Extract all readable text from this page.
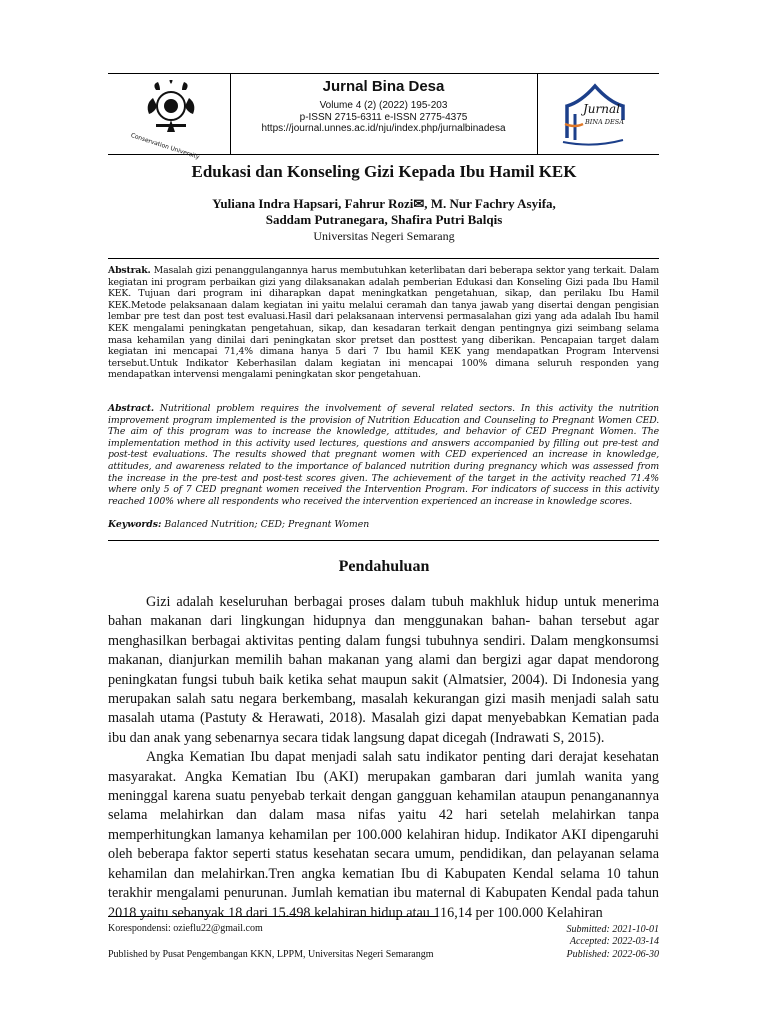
Conservation University
Jurnal Bina Desa
Volume 4 (2) (2022) 195-203
p-ISSN 2715-6311 e-ISSN 2775-4375
https://journal.unnes.ac.id/nju/index.php/jurnalbinadesa
Jurnal
BINA DESA
Edukasi dan Konseling Gizi Kepada Ibu Hamil KEK
Yuliana Indra Hapsari, Fahrur Rozi✉, M. Nur Fachry Asyifa,
Saddam Putranegara, Shafira Putri Balqis
Universitas Negeri Semarang
Abstrak. Masalah gizi penanggulangannya harus membutuhkan keterlibatan dari beberapa sektor yang terkait. Dalam kegiatan ini program perbaikan gizi yang dilaksanakan adalah pemberian Edukasi dan Konseling Gizi pada Ibu Hamil KEK. Tujuan dari program ini diharapkan dapat meningkatkan pengetahuan, sikap, dan perilaku Ibu Hamil KEK.Metode pelaksanaan dalam kegiatan ini yaitu melalui ceramah dan tanya jawab yang disertai dengan pengisian lembar pre test dan post test evaluasi.Hasil dari pelaksanaan intervensi permasalahan gizi yang ada adalah Ibu hamil KEK mengalami peningkatan pengetahuan, sikap, dan kesadaran terkait dengan pentingnya gizi seimbang selama masa kehamilan yang dinilai dari peningkatan skor pretset dan posttest yang diberikan. Pencapaian target dalam kegiatan ini mencapai 71,4% dimana hanya 5 dari 7 Ibu hamil KEK yang mendapatkan Program Intervensi tersebut.Untuk Indikator Keberhasilan dalam kegiatan ini mencapai 100% dimana seluruh responden yang mendapatkan intervensi mengalami peningkatan skor pengetahuan.
Abstract. Nutritional problem requires the involvement of several related sectors. In this activity the nutrition improvement program implemented is the provision of Nutrition Education and Counseling to Pregnant Women CED. The aim of this program was to increase the knowledge, attitudes, and behavior of CED Pregnant Women. The implementation method in this activity used lectures, questions and answers accompanied by filling out pre-test and post-test evaluations. The results showed that pregnant women with CED experienced an increase in knowledge, attitudes, and awareness related to the importance of balanced nutrition during pregnancy which was assessed from the increase in the pre-test and post-test scores given. The achievement of the target in the activity reached 71.4% where only 5 of 7 CED pregnant women received the Intervention Program. For indicators of success in this activity reached 100% where all respondents who received the intervention experienced an increase in knowledge scores.
Keywords: Balanced Nutrition; CED; Pregnant Women
Pendahuluan

Gizi adalah keseluruhan berbagai proses dalam tubuh makhluk hidup untuk menerima bahan makanan dari lingkungan hidupnya dan menggunakan bahan- bahan tersebut agar menghasilkan berbagai aktivitas penting dalam fungsi tubuhnya sendiri. Dalam mengkonsumsi makanan, dianjurkan memilih bahan makanan yang alami dan bergizi agar dapat mendorong peningkatan fungsi tubuh baik ketika sehat maupun sakit (Almatsier, 2004). Di Indonesia yang merupakan salah satu negara berkembang, masalah kekurangan gizi masih menjadi salah satu masalah utama (Pastuty & Herawati, 2018). Masalah gizi dapat menyebabkan Kematian pada ibu dan anak yang sebenarnya secara tidak langsung dapat dicegah (Indrawati S, 2015).

Angka Kematian Ibu dapat menjadi salah satu indikator penting dari derajat kesehatan masyarakat. Angka Kematian Ibu (AKI) merupakan gambaran dari jumlah wanita yang meninggal karena suatu penyebab terkait dengan gangguan kehamilan ataupun penanganannya selama melahirkan dan dalam masa nifas yaitu 42 hari setelah melahirkan tanpa memperhitungkan lamanya kehamilan per 100.000 kelahiran hidup. Indikator AKI dipengaruhi oleh beberapa faktor seperti status kesehatan secara umum, pendidikan, dan pelayanan selama kehamilan dan melahirkan.Tren angka kematian Ibu di Kabupaten Kendal selama 10 tahun terakhir mengalami penurunan. Jumlah kematian ibu maternal di Kabupaten Kendal pada tahun 2018 yaitu sebanyak 18 dari 15.498 kelahiran hidup atau 116,14 per 100.000 Kelahiran

Korespondensi: ozieflu22@gmail.com
Published by Pusat Pengembangan KKN, LPPM, Universitas Negeri Semarangm
Submitted: 2021-10-01
Accepted: 2022-03-14
Published: 2022-06-30
